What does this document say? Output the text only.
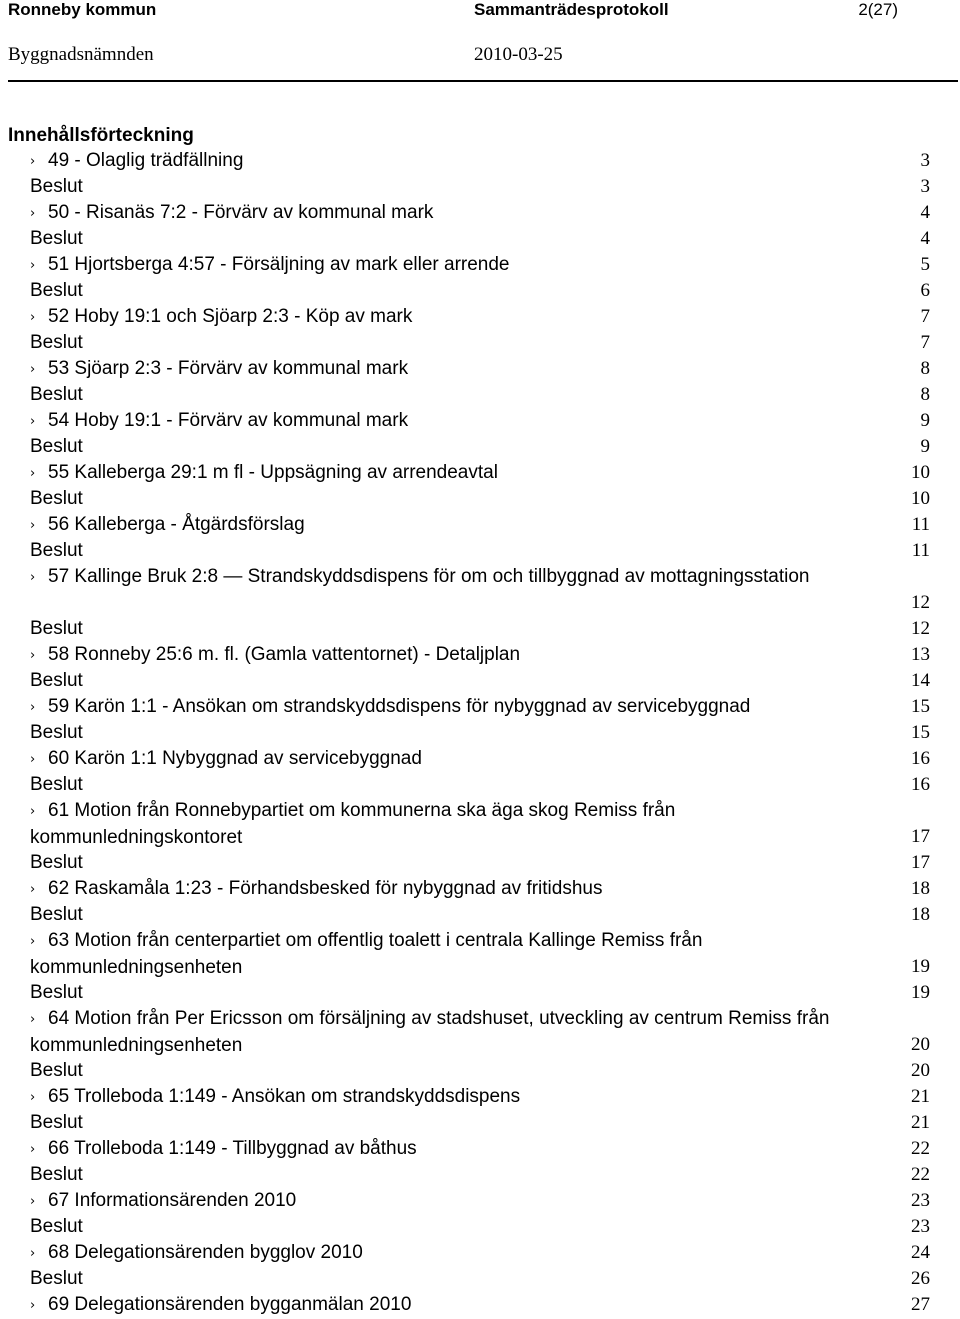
Ronneby kommun	Sammanträdesprotokoll	2(27)
Byggnadsnämnden	2010-03-25
Innehållsförteckning
› 49 - Olaglig trädfällning	3
Beslut	3
› 50 - Risanäs 7:2 - Förvärv av kommunal mark	4
Beslut	4
› 51 Hjortsberga 4:57 - Försäljning av mark eller arrende	5
Beslut	6
› 52 Hoby 19:1 och Sjöarp 2:3 - Köp av mark	7
Beslut	7
› 53 Sjöarp 2:3 - Förvärv av kommunal mark	8
Beslut	8
› 54 Hoby 19:1 - Förvärv av kommunal mark	9
Beslut	9
› 55 Kalleberga 29:1 m fl - Uppsägning av arrendeavtal	10
Beslut	10
› 56 Kalleberga - Åtgärdsförslag	11
Beslut	11
› 57 Kallinge Bruk 2:8 — Strandskyddsdispens för om och tillbyggnad av mottagningsstation
12
Beslut	12
› 58 Ronneby 25:6 m. fl. (Gamla vattentornet) - Detaljplan	13
Beslut	14
› 59 Karön 1:1 - Ansökan om strandskyddsdispens för nybyggnad av servicebyggnad	15
Beslut	15
› 60 Karön 1:1 Nybyggnad av servicebyggnad	16
Beslut	16
› 61 Motion från Ronnebypartiet om kommunerna ska äga skog Remiss från kommunledningskontoret	17
Beslut	17
› 62 Raskamåla 1:23 - Förhandsbesked för nybyggnad av fritidshus	18
Beslut	18
› 63 Motion från centerpartiet om offentlig toalett i centrala Kallinge Remiss från kommunledningsenheten	19
Beslut	19
› 64 Motion från Per Ericsson om försäljning av stadshuset, utveckling av centrum Remiss från kommunledningsenheten	20
Beslut	20
› 65 Trolleboda 1:149 - Ansökan om strandskyddsdispens	21
Beslut	21
› 66 Trolleboda 1:149 - Tillbyggnad av båthus	22
Beslut	22
› 67 Informationsärenden 2010	23
Beslut	23
› 68 Delegationsärenden bygglov 2010	24
Beslut	26
› 69 Delegationsärenden bygganmälan 2010	27
